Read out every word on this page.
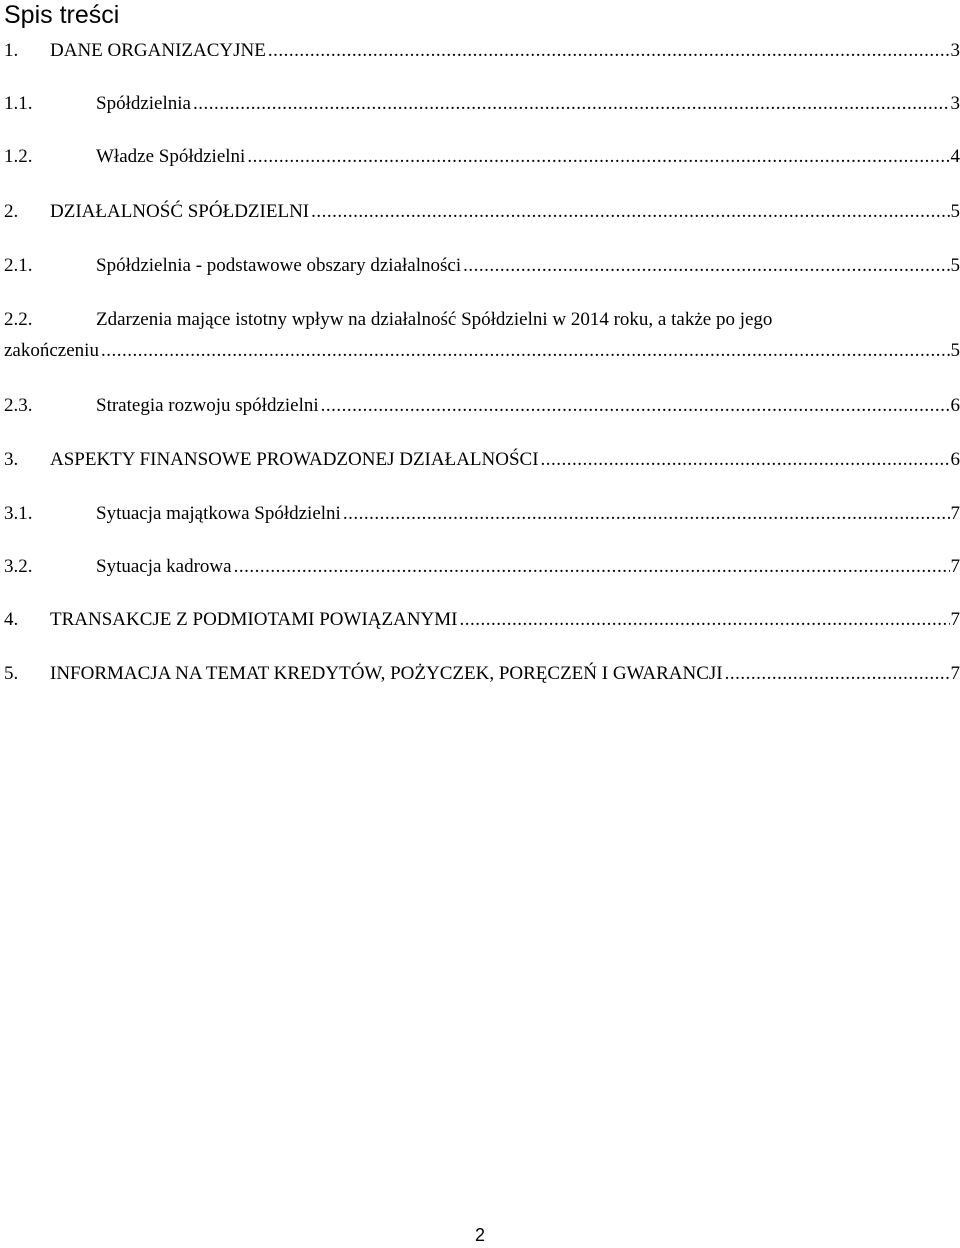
Spis treści
1.	DANE ORGANIZACYJNE .....	3
1.1.	Spółdzielnia .....	3
1.2.	Władze Spółdzielni .....	4
2.	DZIAŁALNOŚĆ SPÓŁDZIELNI .....	5
2.1.	Spółdzielnia - podstawowe obszary działalności .....	5
2.2.	Zdarzenia mające istotny wpływ na działalność Spółdzielni w 2014 roku, a także po jego
zakończeniu .....	5
2.3.	Strategia rozwoju spółdzielni .....	6
3.	ASPEKTY FINANSOWE PROWADZONEJ DZIAŁALNOŚCI .....	6
3.1.	Sytuacja majątkowa Spółdzielni .....	7
3.2.	Sytuacja kadrowa .....	7
4.	TRANSAKCJE Z PODMIOTAMI POWIĄZANYMI .....	7
5.	INFORMACJA NA TEMAT KREDYTÓW, POŻYCZEK, PORĘCZEŃ I GWARANCJI .....	7
2
